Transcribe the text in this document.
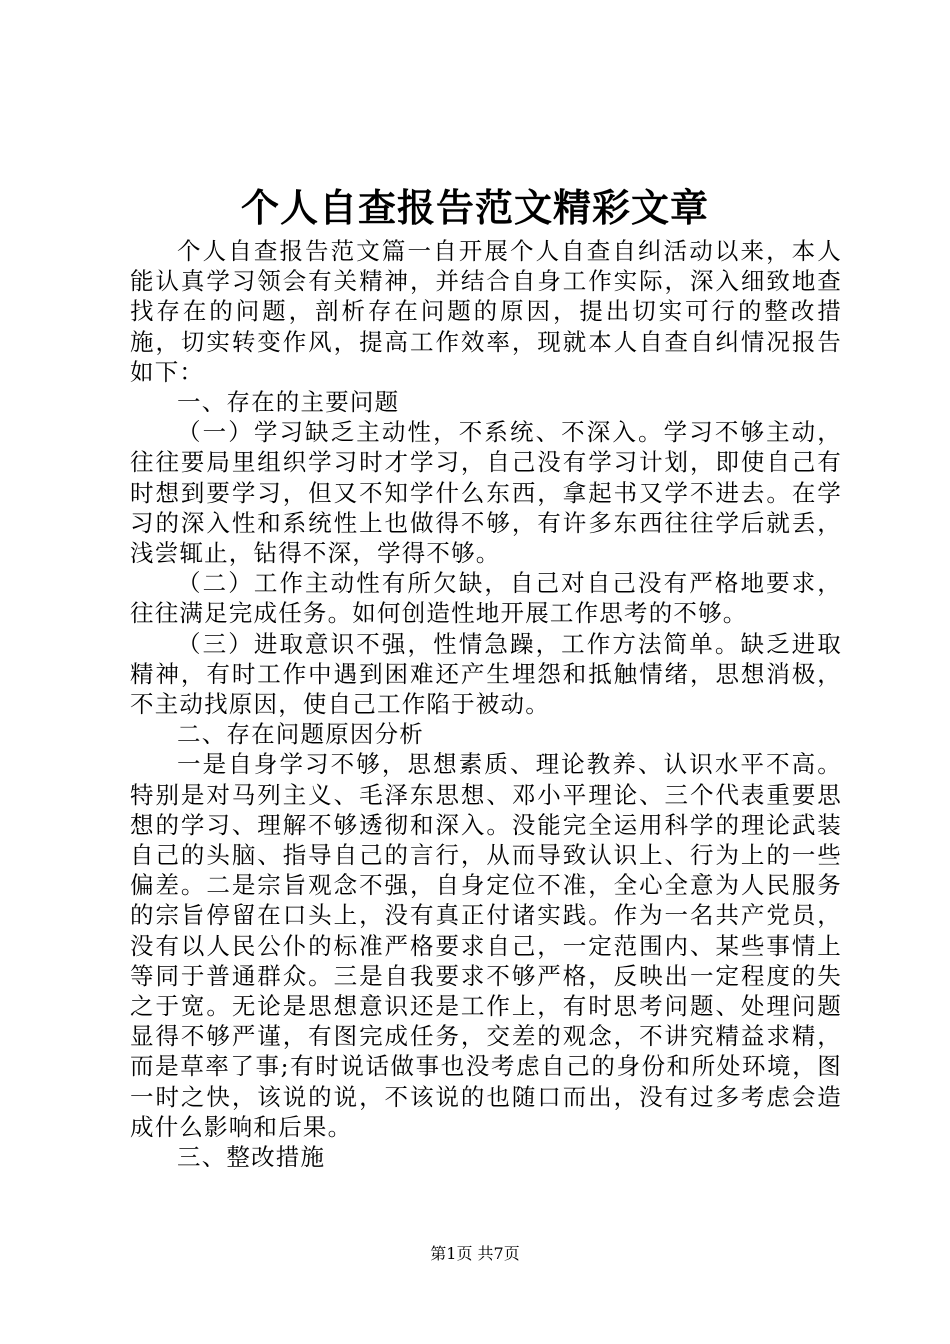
个人自查报告范文精彩文章

个人自查报告范文篇一自开展个人自查自纠活动以来，本人能认真学习领会有关精神，并结合自身工作实际，深入细致地查找存在的问题，剖析存在问题的原因，提出切实可行的整改措施，切实转变作风，提高工作效率，现就本人自查自纠情况报告如下：

一、存在的主要问题

（一）学习缺乏主动性，不系统、不深入。学习不够主动，往往要局里组织学习时才学习，自己没有学习计划，即使自己有时想到要学习，但又不知学什么东西，拿起书又学不进去。在学习的深入性和系统性上也做得不够，有许多东西往往学后就丢，浅尝辄止，钻得不深，学得不够。

（二）工作主动性有所欠缺，自己对自己没有严格地要求，往往满足完成任务。如何创造性地开展工作思考的不够。

（三）进取意识不强，性情急躁，工作方法简单。缺乏进取精神，有时工作中遇到困难还产生埋怨和抵触情绪，思想消极，不主动找原因，使自己工作陷于被动。

二、存在问题原因分析

一是自身学习不够，思想素质、理论教养、认识水平不高。特别是对马列主义、毛泽东思想、邓小平理论、三个代表重要思想的学习、理解不够透彻和深入。没能完全运用科学的理论武装自己的头脑、指导自己的言行，从而导致认识上、行为上的一些偏差。二是宗旨观念不强，自身定位不准，全心全意为人民服务的宗旨停留在口头上，没有真正付诸实践。作为一名共产党员，没有以人民公仆的标准严格要求自己，一定范围内、某些事情上等同于普通群众。三是自我要求不够严格，反映出一定程度的失之于宽。无论是思想意识还是工作上，有时思考问题、处理问题显得不够严谨，有图完成任务，交差的观念，不讲究精益求精，而是草率了事;有时说话做事也没考虑自己的身份和所处环境，图一时之快，该说的说，不该说的也随口而出，没有过多考虑会造成什么影响和后果。

三、整改措施

第1页 共7页
